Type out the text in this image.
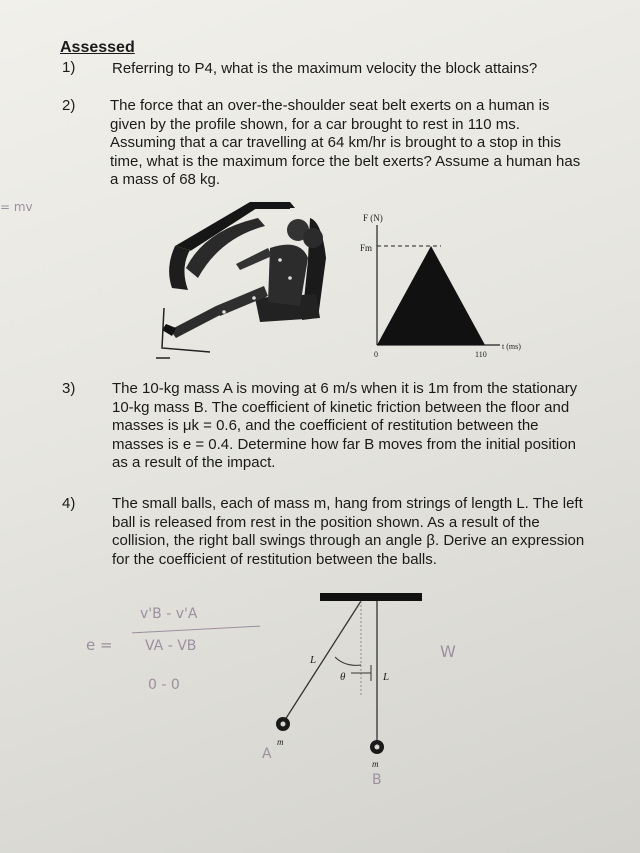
Assessed
1) Referring to P4, what is the maximum velocity the block attains?
2) The force that an over-the-shoulder seat belt exerts on a human is
given by the profile shown, for a car brought to rest in 110 ms.
Assuming that a car travelling at 64 km/hr is brought to a stop in this
time, what is the maximum force the belt exerts? Assume a human has
a mass of 68 kg.
= mv
F (N)
Fm
t (ms)
0	110
3) The 10-kg mass A is moving at 6 m/s when it is 1m from the stationary
10-kg mass B. The coefficient of kinetic friction between the floor and
masses is μk = 0.6, and the coefficient of restitution between the
masses is e = 0.4. Determine how far B moves from the initial position
as a result of the impact.
4) The small balls, each of mass m, hang from strings of length L. The left
ball is released from rest in the position shown. As a result of the
collision, the right ball swings through an angle β. Derive an expression
for the coefficient of restitution between the balls.
e =
v'B - v'A
VA - VB
0 - 0
W
L
θ	L
m
m
A
B
